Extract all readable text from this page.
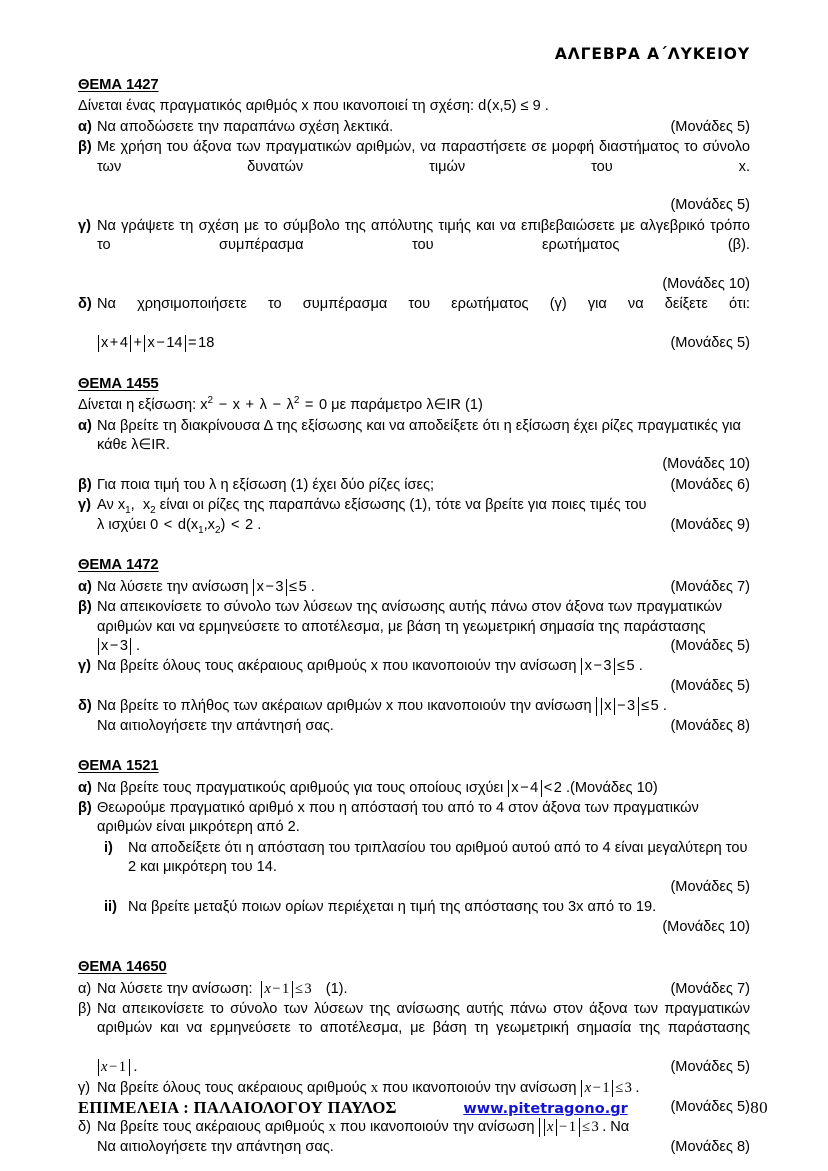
ΑΛΓΕΒΡΑ Α΄ΛΥΚΕΙΟΥ
ΘΕΜΑ 1427
Δίνεται ένας πραγματικός αριθμός x που ικανοποιεί τη σχέση: d(x,5) ≤ 9 .
α) Να αποδώσετε την παραπάνω σχέση λεκτικά.	(Μονάδες 5)
β) Με χρήση του άξονα των πραγματικών αριθμών, να παραστήσετε σε μορφή διαστήματος το σύνολο των δυνατών τιμών του x.
(Μονάδες 5)
γ) Να γράψετε τη σχέση με το σύμβολο της απόλυτης τιμής και να επιβεβαιώσετε με αλγεβρικό τρόπο το συμπέρασμα του ερωτήματος (β).
(Μονάδες 10)
δ) Να χρησιμοποιήσετε το συμπέρασμα του ερωτήματος (γ) για να δείξετε ότι:
x + 4 + x − 14 = 18	(Μονάδες 5)
ΘΕΜΑ 1455
Δίνεται η εξίσωση: $x^2 - x + \lambda - \lambda^2 = 0$ με παράμετρο λ∈IR (1)
α) Να βρείτε τη διακρίνουσα Δ της εξίσωσης και να αποδείξετε ότι η εξίσωση έχει ρίζες πραγματικές για κάθε λ∈IR.
(Μονάδες 10)
β) Για ποια τιμή του λ η εξίσωση (1) έχει δύο ρίζες ίσες;	(Μονάδες 6)
γ) Αν $x_1$,  $x_2$ είναι οι ρίζες της παραπάνω εξίσωσης (1), τότε να βρείτε για ποιες τιμές του
λ ισχύει $0 < d(x_1,x_2) < 2$ .	(Μονάδες 9)
ΘΕΜΑ 1472
α) Να λύσετε την ανίσωση x − 3 ≤ 5 .	(Μονάδες 7)
β) Να απεικονίσετε το σύνολο των λύσεων της ανίσωσης αυτής πάνω στον άξονα των πραγματικών αριθμών και να ερμηνεύσετε το αποτέλεσμα, με βάση τη γεωμετρική σημασία της παράστασης
x − 3 .	(Μονάδες 5)
γ) Να βρείτε όλους τους ακέραιους αριθμούς x που ικανοποιούν την ανίσωση x − 3 ≤ 5 .
(Μονάδες 5)
δ) Να βρείτε το πλήθος των ακέραιων αριθμών x που ικανοποιούν την ανίσωση x − 3 ≤ 5 .
Να αιτιολογήσετε την απάντησή σας.	(Μονάδες 8)
ΘΕΜΑ 1521
α) Να βρείτε τους πραγματικούς αριθμούς για τους οποίους ισχύει x − 4 < 2 .(Μονάδες 10)
β) Θεωρούμε πραγματικό αριθμό x που η απόστασή του από το 4 στον άξονα των πραγματικών αριθμών είναι μικρότερη από 2.
i)	Να αποδείξετε ότι η απόσταση του τριπλασίου του αριθμού αυτού από το 4 είναι μεγαλύτερη του 2 και μικρότερη του 14.
(Μονάδες 5)
ii) Να βρείτε μεταξύ ποιων ορίων περιέχεται η τιμή της απόστασης του 3x από το 19.
(Μονάδες 10)
ΘΕΜΑ 14650
α) Να λύσετε την ανίσωση: x − 1 ≤ 3 (1).	(Μονάδες 7)
β) Να απεικονίσετε το σύνολο των λύσεων της ανίσωσης αυτής πάνω στον άξονα των πραγματικών αριθμών και να ερμηνεύσετε το αποτέλεσμα, με βάση τη γεωμετρική σημασία της παράστασης
x − 1 .	(Μονάδες 5)
γ) Να βρείτε όλους τους ακέραιους αριθμούς x που ικανοποιούν την ανίσωση x − 1 ≤ 3 .
(Μονάδες 5)
δ) Να βρείτε τους ακέραιους αριθμούς x που ικανοποιούν την ανίσωση x − 1 ≤ 3 . Να
Να αιτιολογήσετε την απάντηση σας.	(Μονάδες 8)
ΕΠΙΜΕΛΕΙΑ : ΠΑΛΑΙΟΛΟΓΟΥ ΠΑΥΛΟΣ	www.pitetragono.gr	80
